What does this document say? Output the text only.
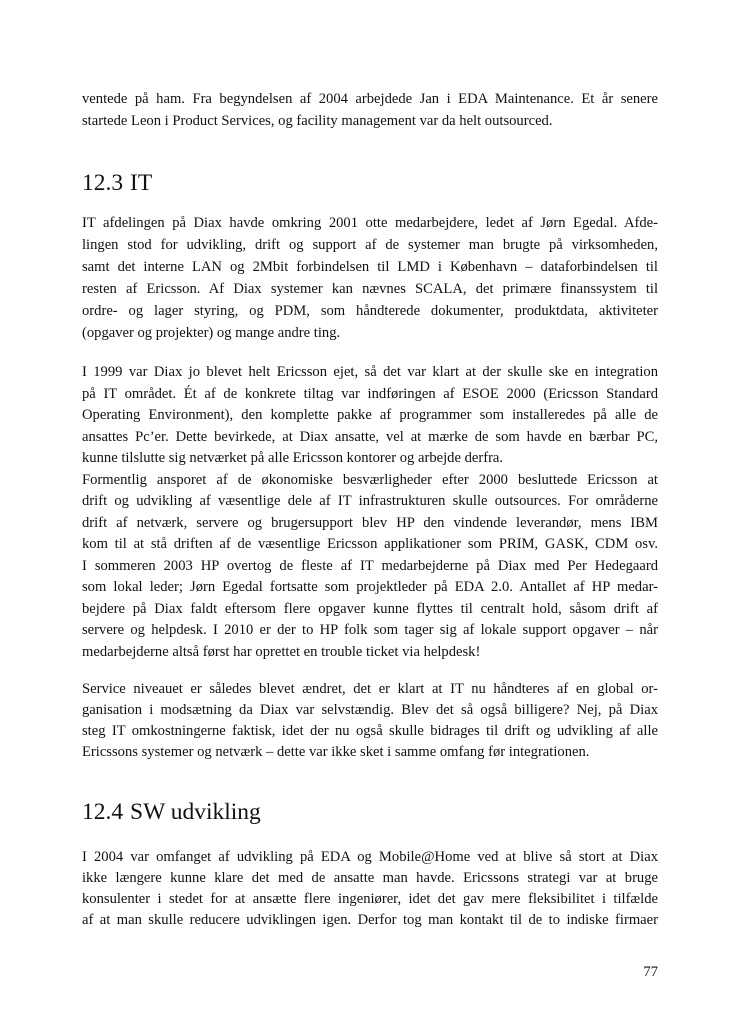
ventede på ham. Fra begyndelsen af 2004 arbejdede Jan i EDA Maintenance. Et år senere
startede Leon i Product Services, og facility management var da helt outsourced.
12.3 IT
IT afdelingen på Diax havde omkring 2001 otte medarbejdere, ledet af Jørn Egedal. Afde-
lingen stod for udvikling, drift og support af de systemer man brugte på virksomheden,
samt det interne LAN og 2Mbit forbindelsen til LMD i København – dataforbindelsen til
resten af Ericsson. Af Diax systemer kan nævnes SCALA, det primære finanssystem til
ordre- og lager styring, og PDM, som håndterede dokumenter, produktdata, aktiviteter
(opgaver og projekter) og mange andre ting.
I 1999 var Diax jo blevet helt Ericsson ejet, så det var klart at der skulle ske en integration
på IT området. Ét af de konkrete tiltag var indføringen af ESOE 2000 (Ericsson Standard
Operating Environment), den komplette pakke af programmer som installeredes på alle de
ansattes Pc’er. Dette bevirkede, at Diax ansatte, vel at mærke de som havde en bærbar PC,
kunne tilslutte sig netværket på alle Ericsson kontorer og arbejde derfra.
Formentlig ansporet af de økonomiske besværligheder efter 2000 besluttede Ericsson at
drift og udvikling af væsentlige dele af IT infrastrukturen skulle outsources. For områderne
drift af netværk, servere og brugersupport blev HP den vindende leverandør, mens IBM
kom til at stå driften af de væsentlige Ericsson applikationer som PRIM, GASK, CDM osv.
I sommeren 2003 HP overtog de fleste af IT medarbejderne på Diax med Per Hedegaard
som lokal leder; Jørn Egedal fortsatte som projektleder på EDA 2.0. Antallet af HP medar-
bejdere på Diax faldt eftersom flere opgaver kunne flyttes til centralt hold, såsom drift af
servere og helpdesk. I 2010 er der to HP folk som tager sig af lokale support opgaver – når
medarbejderne altså først har oprettet en trouble ticket via helpdesk!
Service niveauet er således blevet ændret, det er klart at IT nu håndteres af en global or-
ganisation i modsætning da Diax var selvstændig. Blev det så også billigere? Nej, på Diax
steg IT omkostningerne faktisk, idet der nu også skulle bidrages til drift og udvikling af alle
Ericssons systemer og netværk – dette var ikke sket i samme omfang før integrationen.
12.4 SW udvikling
I 2004 var omfanget af udvikling på EDA og Mobile@Home ved at blive så stort at Diax
ikke længere kunne klare det med de ansatte man havde. Ericssons strategi var at bruge
konsulenter i stedet for at ansætte flere ingeniører, idet det gav mere fleksibilitet i tilfælde
af at man skulle reducere udviklingen igen. Derfor tog man kontakt til de to indiske firmaer
77
